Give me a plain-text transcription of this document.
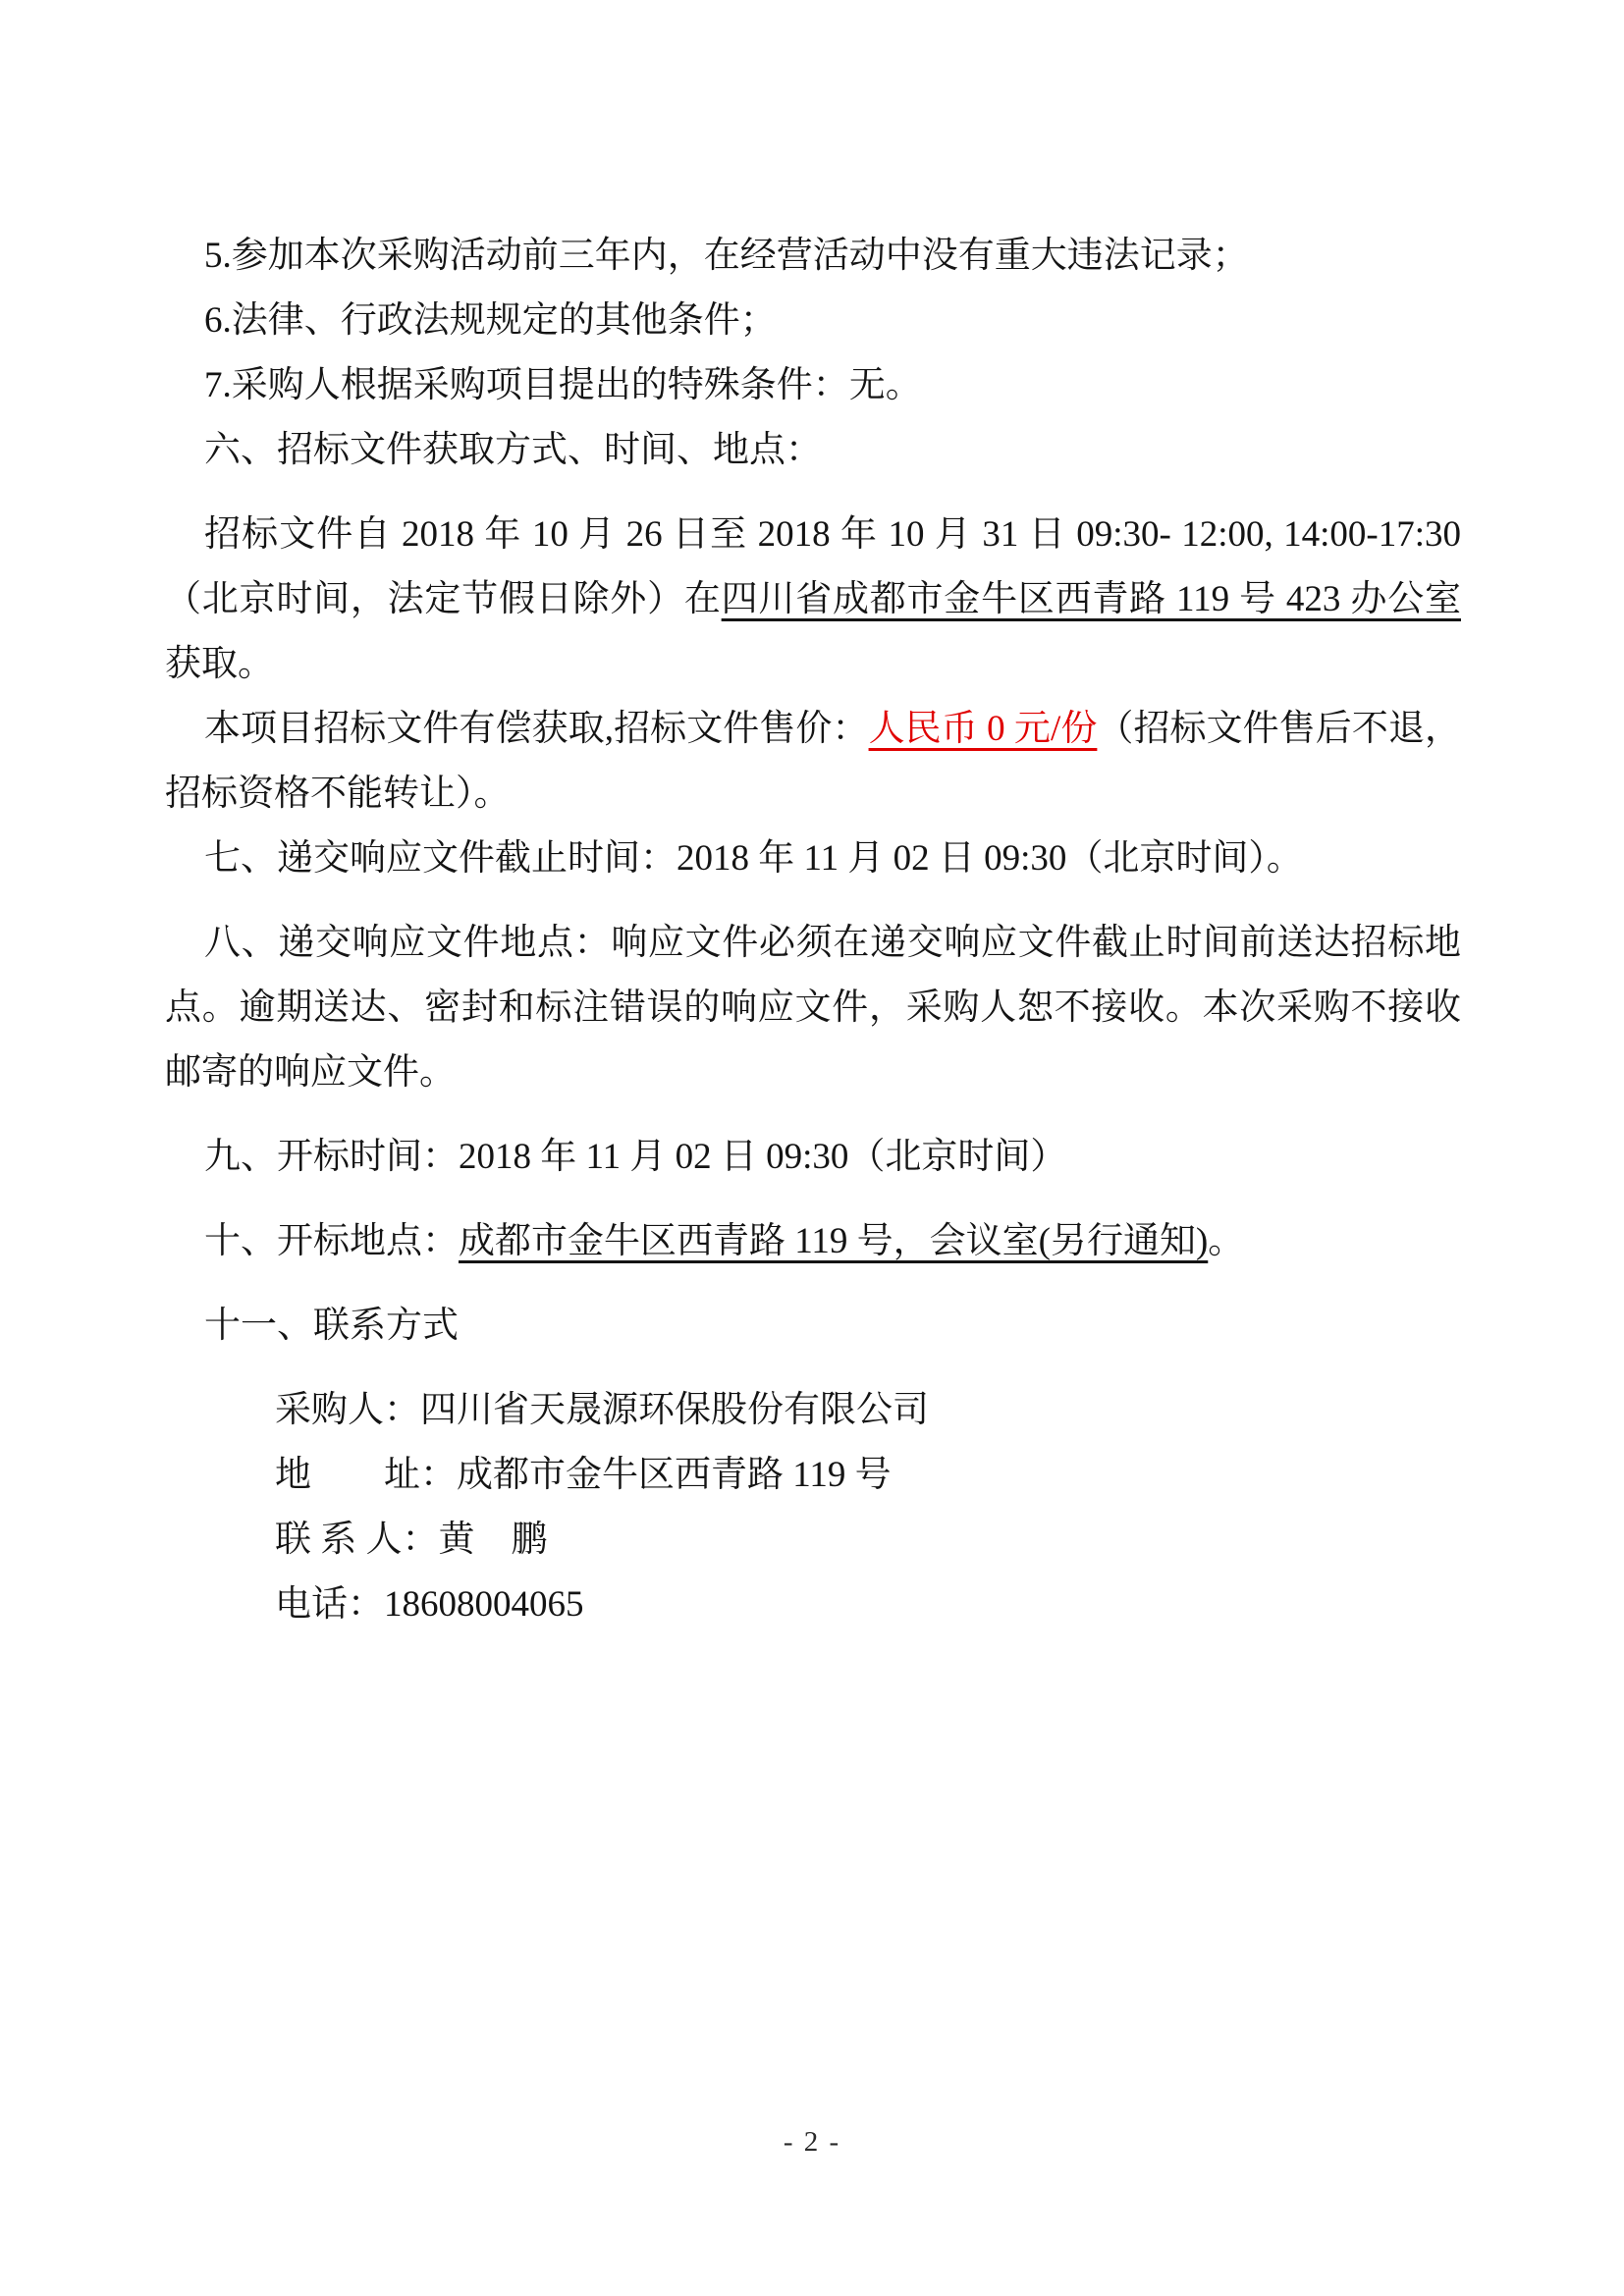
5.参加本次采购活动前三年内，在经营活动中没有重大违法记录；

6.法律、行政法规规定的其他条件；

7.采购人根据采购项目提出的特殊条件：无。

六、招标文件获取方式、时间、地点：

招标文件自 2018 年 10 月 26 日至 2018 年 10 月 31 日 09:30- 12:00, 14:00-17:30（北京时间，法定节假日除外）在四川省成都市金牛区西青路 119 号 423 办公室获取。

本项目招标文件有偿获取,招标文件售价：人民币 0 元/份（招标文件售后不退，招标资格不能转让）。

七、递交响应文件截止时间：2018 年 11 月 02 日 09:30（北京时间）。

八、递交响应文件地点：响应文件必须在递交响应文件截止时间前送达招标地点。逾期送达、密封和标注错误的响应文件，采购人恕不接收。本次采购不接收邮寄的响应文件。

九、开标时间：2018 年 11 月 02 日 09:30（北京时间）

十、开标地点：成都市金牛区西青路 119 号，会议室(另行通知)。

十一、联系方式

采购人：四川省天晟源环保股份有限公司

地　　址：成都市金牛区西青路 119 号

联 系 人：黄　鹏

电话：18608004065

- 2 -
